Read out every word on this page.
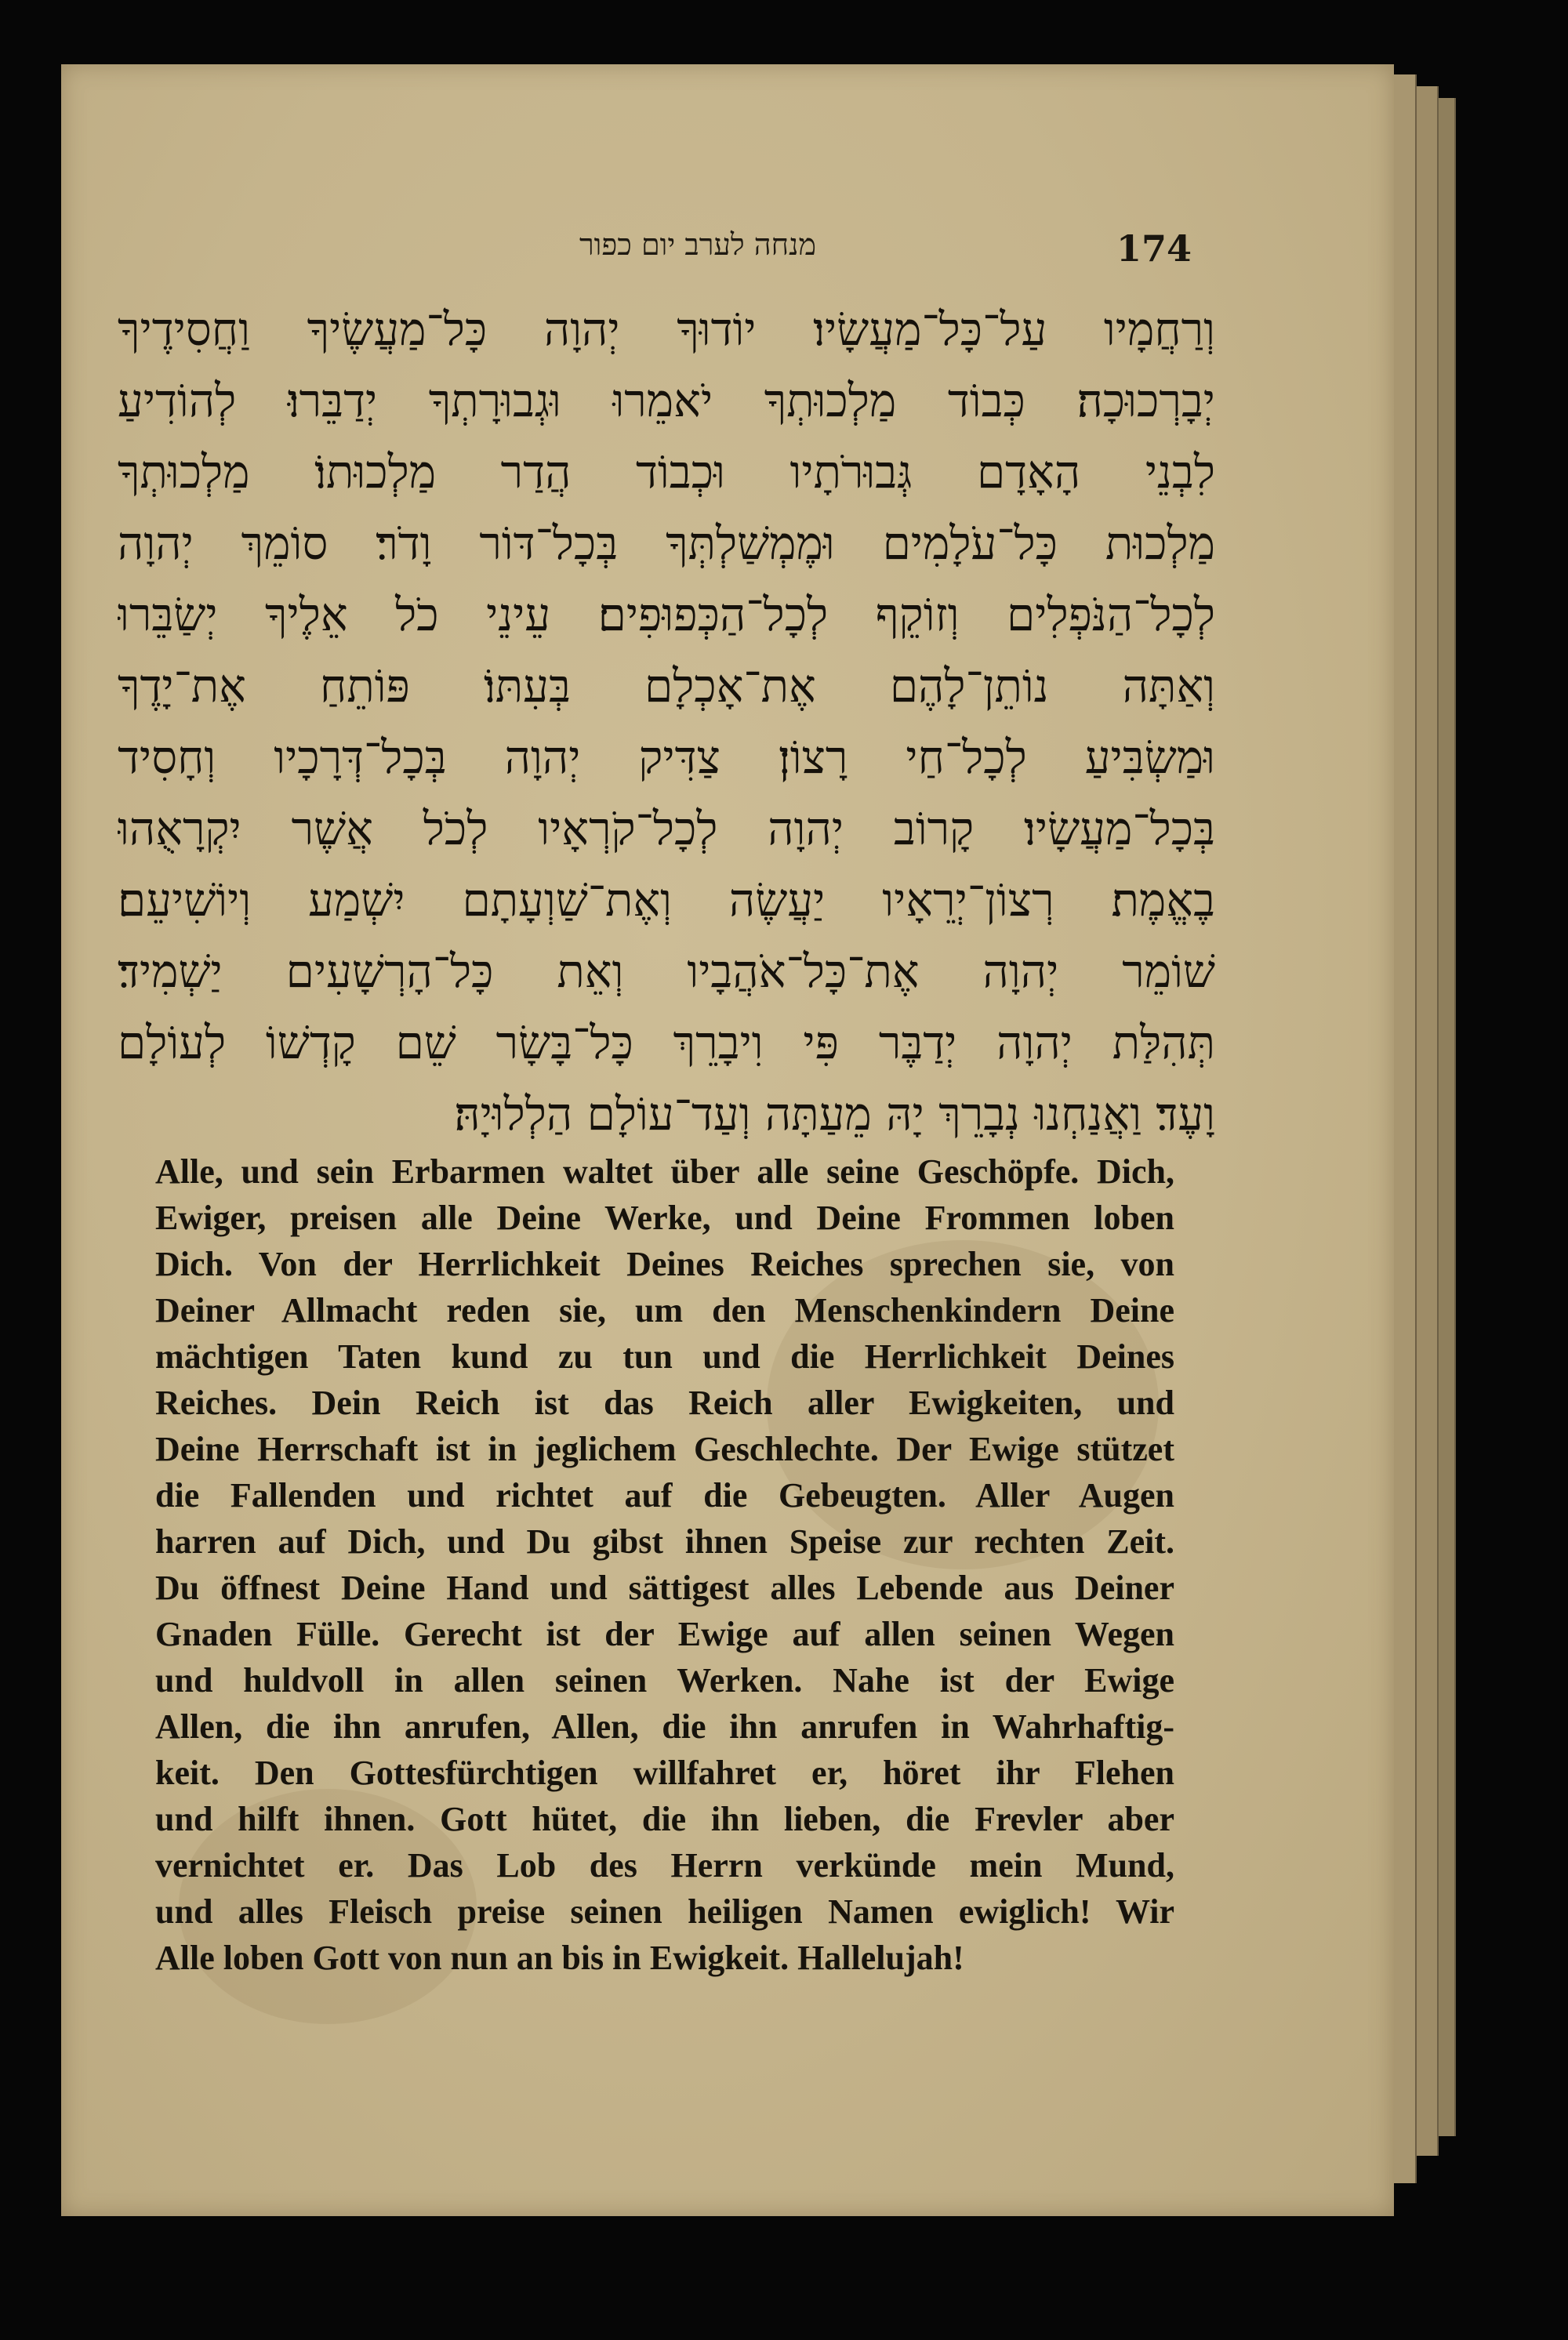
מנחה לערב יום כפור	174
וְרַחֲמָיו עַל־כָּל־מַעֲשָׂיו׃ יוֹדוּךָ יְהוָה כָּל־מַעֲשֶׂיךָ וַחֲסִידֶיךָ
יְבָרְכוּכָה׃ כְּבוֹד מַלְכוּתְךָ יֹאמֵרוּ וּגְבוּרָתְךָ יְדַבֵּרוּ׃ לְהוֹדִיעַ
לִבְנֵי הָאָדָם גְּבוּרֹתָיו וּכְבוֹד הֲדַר מַלְכוּתוֹ׃ מַלְכוּתְךָ
מַלְכוּת כָּל־עֹלָמִים וּמֶמְשַׁלְתְּךָ בְּכָל־דּוֹר וָדֹר׃ סוֹמֵךְ יְהוָה
לְכָל־הַנֹּפְלִים וְזוֹקֵף לְכָל־הַכְּפוּפִים׃ עֵינֵי כֹל אֵלֶיךָ יְשַׂבֵּרוּ
וְאַתָּה נוֹתֵן־לָהֶם אֶת־אָכְלָם בְּעִתּוֹ׃ פּוֹתֵחַ אֶת־יָדֶךָ
וּמַשְׂבִּיעַ לְכָל־חַי רָצוֹן׃ צַדִּיק יְהוָה בְּכָל־דְּרָכָיו וְחָסִיד
בְּכָל־מַעֲשָׂיו׃ קָרוֹב יְהוָה לְכָל־קֹרְאָיו לְכֹל אֲשֶׁר יִקְרָאֻהוּ
בֶאֱמֶת׃ רְצוֹן־יְרֵאָיו יַעֲשֶׂה וְאֶת־שַׁוְעָתָם יִשְׁמַע וְיוֹשִׁיעֵם׃
שׁוֹמֵר יְהוָה אֶת־כָּל־אֹהֲבָיו וְאֵת כָּל־הָרְשָׁעִים יַשְׁמִיד׃
תְּהִלַּת יְהוָה יְדַבֶּר פִּי וִיבָרֵךְ כָּל־בָּשָׂר שֵׁם קָדְשׁוֹ לְעוֹלָם
וָעֶד׃ וַאֲנַחְנוּ נְבָרֵךְ יָהּ מֵעַתָּה וְעַד־עוֹלָם הַלְלוּיָהּ׃
Alle, und sein Erbarmen waltet über alle seine Geschöpfe. Dich,
Ewiger, preisen alle Deine Werke, und Deine Frommen loben
Dich. Von der Herrlichkeit Deines Reiches sprechen sie, von
Deiner Allmacht reden sie, um den Menschenkindern Deine
mächtigen Taten kund zu tun und die Herrlichkeit Deines
Reiches. Dein Reich ist das Reich aller Ewigkeiten, und
Deine Herrschaft ist in jeglichem Geschlechte. Der Ewige stützet
die Fallenden und richtet auf die Gebeugten. Aller Augen
harren auf Dich, und Du gibst ihnen Speise zur rechten Zeit.
Du öffnest Deine Hand und sättigest alles Lebende aus Deiner
Gnaden Fülle. Gerecht ist der Ewige auf allen seinen Wegen
und huldvoll in allen seinen Werken. Nahe ist der Ewige
Allen, die ihn anrufen, Allen, die ihn anrufen in Wahrhaftig-
keit. Den Gottesfürchtigen willfahret er, höret ihr Flehen
und hilft ihnen. Gott hütet, die ihn lieben, die Frevler aber
vernichtet er. Das Lob des Herrn verkünde mein Mund,
und alles Fleisch preise seinen heiligen Namen ewiglich! Wir
Alle loben Gott von nun an bis in Ewigkeit. Hallelujah!
